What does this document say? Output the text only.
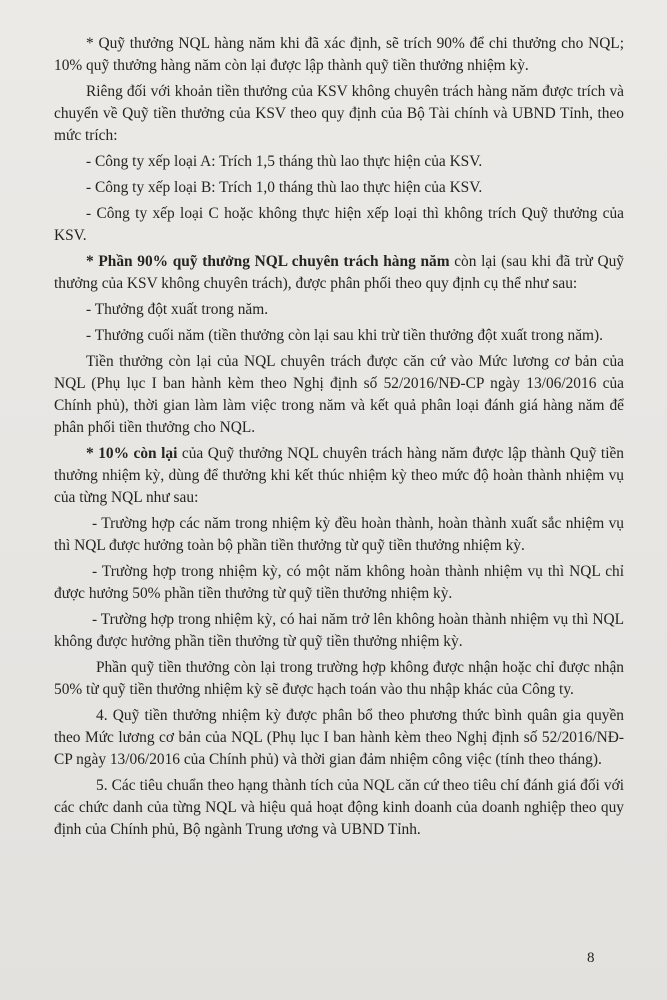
* Quỹ thưởng NQL hàng năm khi đã xác định, sẽ trích 90% để chi thưởng cho NQL; 10% quỹ thưởng hàng năm còn lại được lập thành quỹ tiền thưởng nhiệm kỳ.

Riêng đối với khoản tiền thưởng của KSV không chuyên trách hàng năm được trích và chuyển về Quỹ tiền thưởng của KSV theo quy định của Bộ Tài chính và UBND Tỉnh, theo mức trích:

- Công ty xếp loại A: Trích 1,5 tháng thù lao thực hiện của KSV.

- Công ty xếp loại B: Trích 1,0 tháng thù lao thực hiện của KSV.

- Công ty xếp loại C hoặc không thực hiện xếp loại thì không trích Quỹ thưởng của KSV.

* Phần 90% quỹ thưởng NQL chuyên trách hàng năm còn lại (sau khi đã trừ Quỹ thưởng của KSV không chuyên trách), được phân phối theo quy định cụ thể như sau:

- Thưởng đột xuất trong năm.

- Thưởng cuối năm (tiền thưởng còn lại sau khi trừ tiền thưởng đột xuất trong năm).

Tiền thưởng còn lại của NQL chuyên trách được căn cứ vào Mức lương cơ bản của NQL (Phụ lục I ban hành kèm theo Nghị định số 52/2016/NĐ-CP ngày 13/06/2016 của Chính phủ), thời gian làm làm việc trong năm và kết quả phân loại đánh giá hàng năm để phân phối tiền thưởng cho NQL.

* 10% còn lại của Quỹ thưởng NQL chuyên trách hàng năm được lập thành Quỹ tiền thưởng nhiệm kỳ, dùng để thưởng khi kết thúc nhiệm kỳ theo mức độ hoàn thành nhiệm vụ của từng NQL như sau:

- Trường hợp các năm trong nhiệm kỳ đều hoàn thành, hoàn thành xuất sắc nhiệm vụ thì NQL được hưởng toàn bộ phần tiền thưởng từ quỹ tiền thưởng nhiệm kỳ.

- Trường hợp trong nhiệm kỳ, có một năm không hoàn thành nhiệm vụ thì NQL chỉ được hưởng 50% phần tiền thưởng từ quỹ tiền thưởng nhiệm kỳ.

- Trường hợp trong nhiệm kỳ, có hai năm trở lên không hoàn thành nhiệm vụ thì NQL không được hưởng phần tiền thưởng từ quỹ tiền thưởng nhiệm kỳ.

Phần quỹ tiền thưởng còn lại trong trường hợp không được nhận hoặc chỉ được nhận 50% từ quỹ tiền thưởng nhiệm kỳ sẽ được hạch toán vào thu nhập khác của Công ty.

4. Quỹ tiền thưởng nhiệm kỳ được phân bổ theo phương thức bình quân gia quyền theo Mức lương cơ bản của NQL (Phụ lục I ban hành kèm theo Nghị định số 52/2016/NĐ-CP ngày 13/06/2016 của Chính phủ) và thời gian đảm nhiệm công việc (tính theo tháng).

5. Các tiêu chuẩn theo hạng thành tích của NQL căn cứ theo tiêu chí đánh giá đối với các chức danh của từng NQL và hiệu quả hoạt động kinh doanh của doanh nghiệp theo quy định của Chính phủ, Bộ ngành Trung ương và UBND Tỉnh.

8
